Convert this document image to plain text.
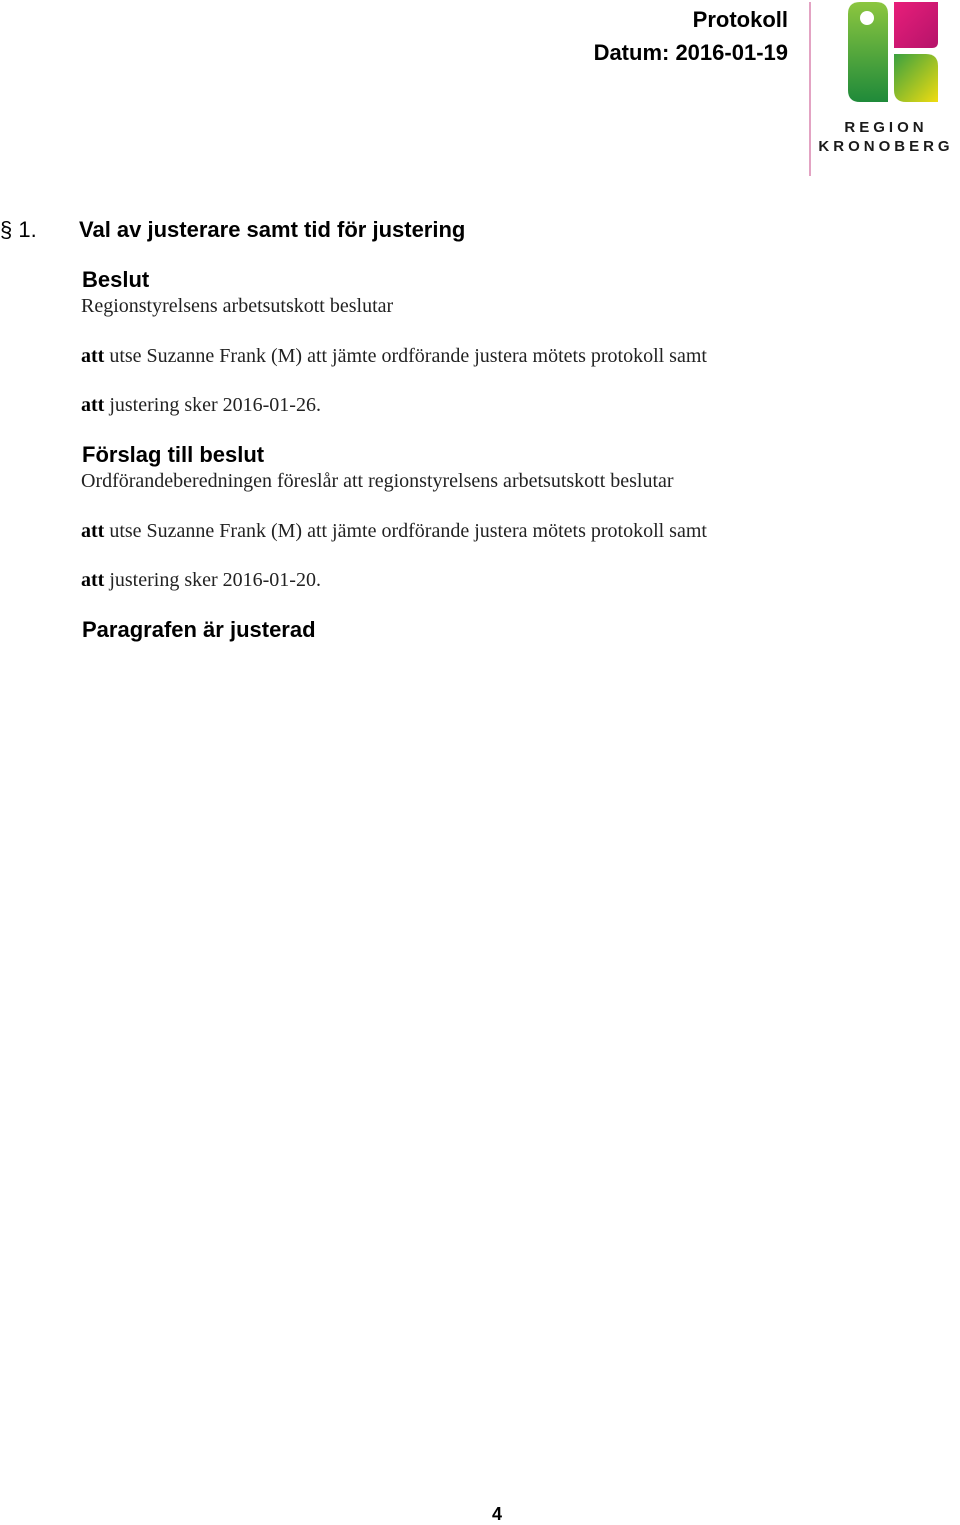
Protokoll
Datum: 2016-01-19
REGION
KRONOBERG
§ 1. Val av justerare samt tid för justering
Beslut
Regionstyrelsens arbetsutskott beslutar
att utse Suzanne Frank (M) att jämte ordförande justera mötets protokoll samt
att justering sker 2016-01-26.
Förslag till beslut
Ordförandeberedningen föreslår att regionstyrelsens arbetsutskott beslutar
att utse Suzanne Frank (M) att jämte ordförande justera mötets protokoll samt
att justering sker 2016-01-20.
Paragrafen är justerad
4
